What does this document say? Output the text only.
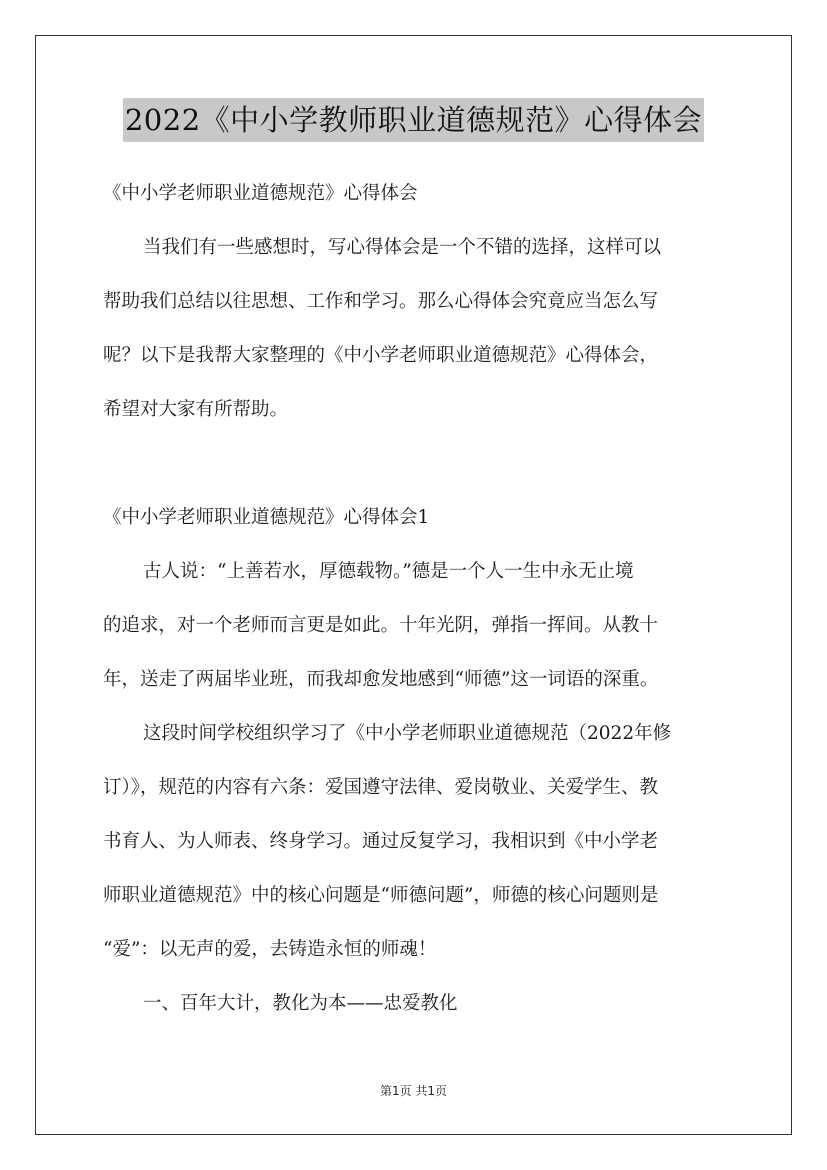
2022《中小学教师职业道德规范》心得体会
《中小学老师职业道德规范》心得体会
当我们有一些感想时，写心得体会是一个不错的选择，这样可以
帮助我们总结以往思想、工作和学习。那么心得体会究竟应当怎么写
呢？以下是我帮大家整理的《中小学老师职业道德规范》心得体会，
希望对大家有所帮助。
《中小学老师职业道德规范》心得体会1
古人说：“上善若水，厚德载物。”德是一个人一生中永无止境
的追求，对一个老师而言更是如此。十年光阴，弹指一挥间。从教十
年，送走了两届毕业班，而我却愈发地感到“师德”这一词语的深重。
这段时间学校组织学习了《中小学老师职业道德规范（2022年修
订）》，规范的内容有六条：爱国遵守法律、爱岗敬业、关爱学生、教
书育人、为人师表、终身学习。通过反复学习，我相识到《中小学老
师职业道德规范》中的核心问题是“师德问题”，师德的核心问题则是
“爱”：以无声的爱，去铸造永恒的师魂！
一、百年大计，教化为本——忠爱教化
第1页 共1页
